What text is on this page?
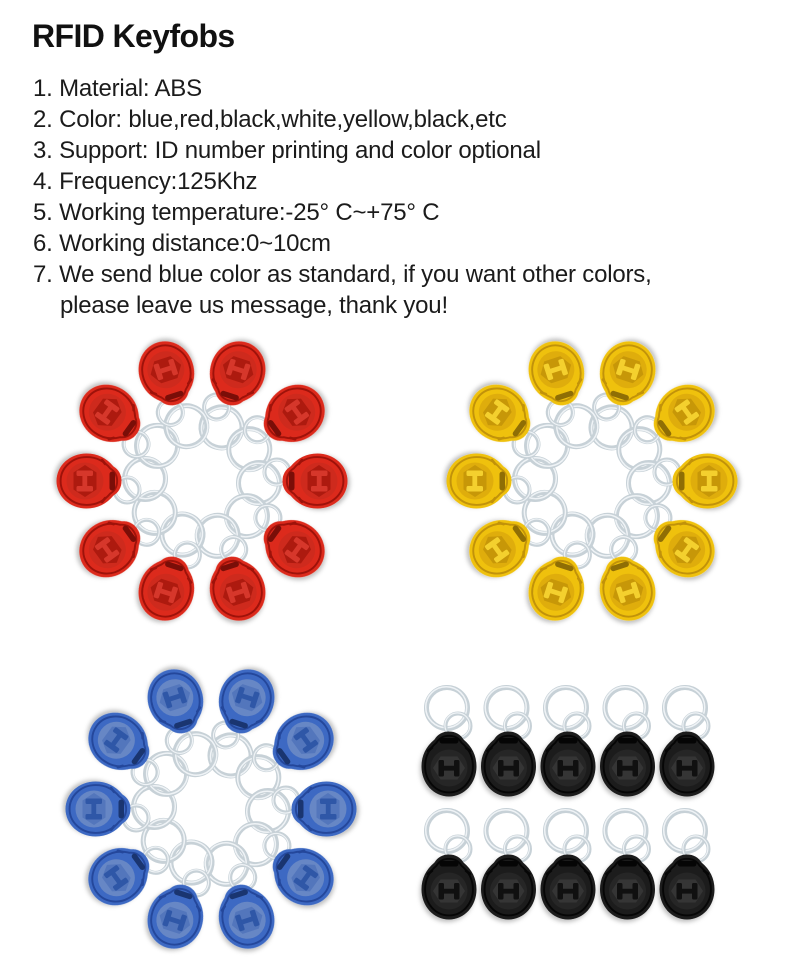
RFID Keyfobs
1. Material: ABS
2. Color: blue,red,black,white,yellow,black,etc
3. Support: ID number printing and color optional
4. Frequency:125Khz
5. Working temperature:-25° C~+75° C
6. Working distance:0~10cm
7. We send blue color as standard, if you want other colors,
please leave us message, thank you!
